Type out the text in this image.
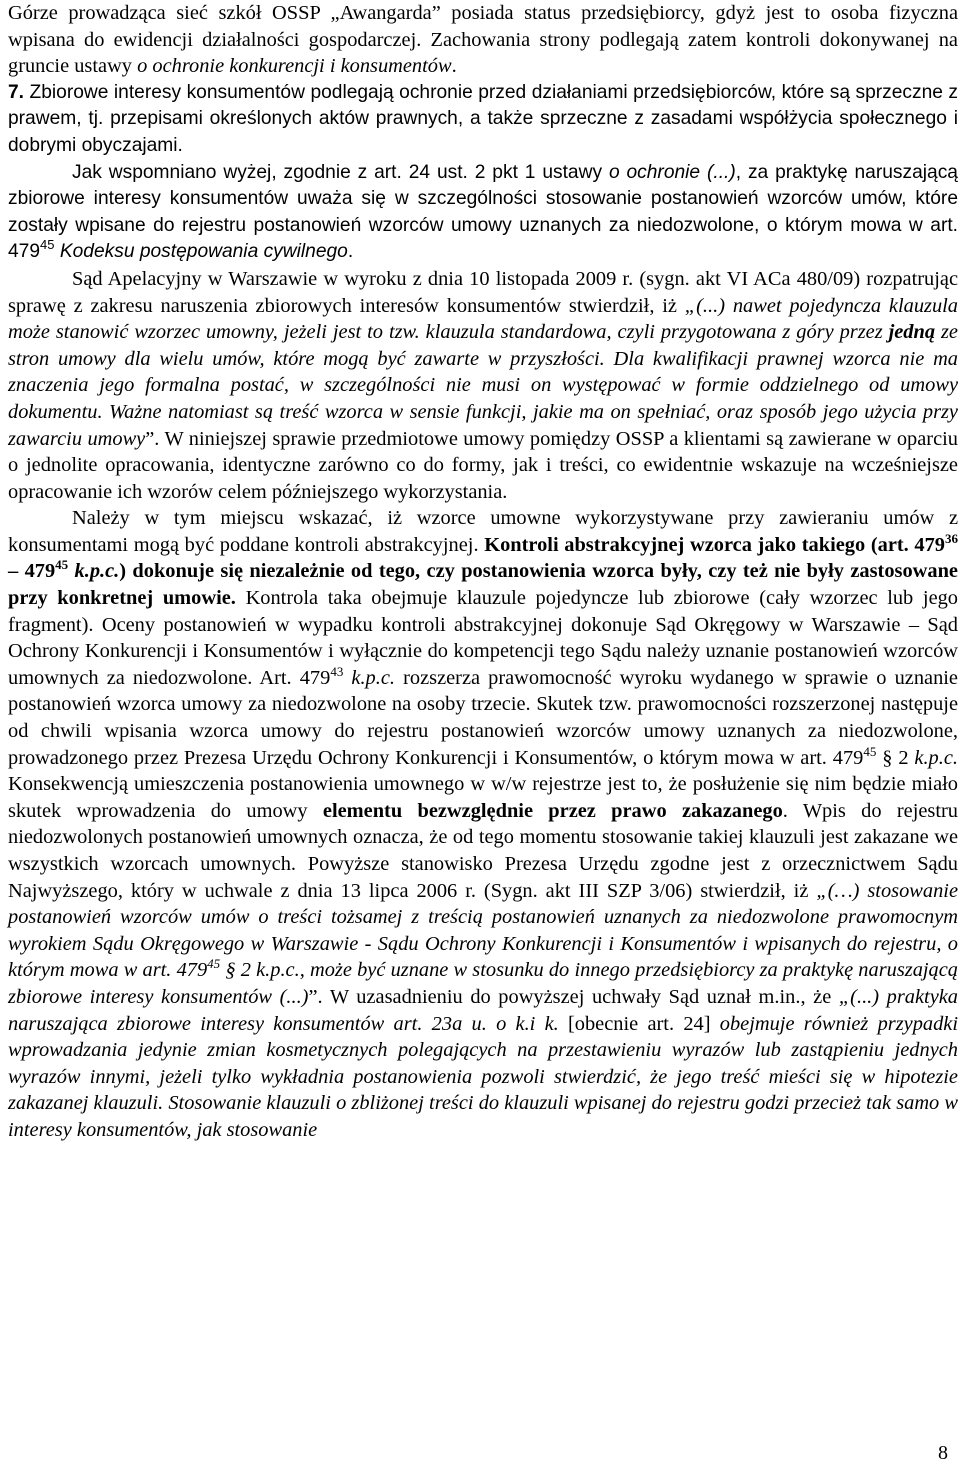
Górze prowadząca sieć szkół OSSP „Awangarda” posiada status przedsiębiorcy, gdyż jest to osoba fizyczna wpisana do ewidencji działalności gospodarczej. Zachowania strony podlegają zatem kontroli dokonywanej na gruncie ustawy o ochronie konkurencji i konsumentów.

7. Zbiorowe interesy konsumentów podlegają ochronie przed działaniami przedsiębiorców, które są sprzeczne z prawem, tj. przepisami określonych aktów prawnych, a także sprzeczne z zasadami współżycia społecznego i dobrymi obyczajami.

Jak wspomniano wyżej, zgodnie z art. 24 ust. 2 pkt 1 ustawy o ochronie (...), za praktykę naruszającą zbiorowe interesy konsumentów uważa się w szczególności stosowanie postanowień wzorców umów, które zostały wpisane do rejestru postanowień wzorców umowy uznanych za niedozwolone, o którym mowa w art. $479^{45}$ Kodeksu postępowania cywilnego.

Sąd Apelacyjny w Warszawie w wyroku z dnia 10 listopada 2009 r. (sygn. akt VI ACa 480/09) rozpatrując sprawę z zakresu naruszenia zbiorowych interesów konsumentów stwierdził, iż „(...) nawet pojedyncza klauzula może stanowić wzorzec umowny, jeżeli jest to tzw. klauzula standardowa, czyli przygotowana z góry przez jedną ze stron umowy dla wielu umów, które mogą być zawarte w przyszłości. Dla kwalifikacji prawnej wzorca nie ma znaczenia jego formalna postać, w szczególności nie musi on występować w formie oddzielnego od umowy dokumentu. Ważne natomiast są treść wzorca w sensie funkcji, jakie ma on spełniać, oraz sposób jego użycia przy zawarciu umowy”. W niniejszej sprawie przedmiotowe umowy pomiędzy OSSP a klientami są zawierane w oparciu o jednolite opracowania, identyczne zarówno co do formy, jak i treści, co ewidentnie wskazuje na wcześniejsze opracowanie ich wzorów celem późniejszego wykorzystania.

Należy w tym miejscu wskazać, iż wzorce umowne wykorzystywane przy zawieraniu umów z konsumentami mogą być poddane kontroli abstrakcyjnej. Kontroli abstrakcyjnej wzorca jako takiego (art. $479^{36} - 479^{45}$ k.p.c.) dokonuje się niezależnie od tego, czy postanowienia wzorca były, czy też nie były zastosowane przy konkretnej umowie. Kontrola taka obejmuje klauzule pojedyncze lub zbiorowe (cały wzorzec lub jego fragment). Oceny postanowień w wypadku kontroli abstrakcyjnej dokonuje Sąd Okręgowy w Warszawie – Sąd Ochrony Konkurencji i Konsumentów i wyłącznie do kompetencji tego Sądu należy uznanie postanowień wzorców umownych za niedozwolone. Art. $479^{43}$ k.p.c. rozszerza prawomocność wyroku wydanego w sprawie o uznanie postanowień wzorca umowy za niedozwolone na osoby trzecie. Skutek tzw. prawomocności rozszerzonej następuje od chwili wpisania wzorca umowy do rejestru postanowień wzorców umowy uznanych za niedozwolone, prowadzonego przez Prezesa Urzędu Ochrony Konkurencji i Konsumentów, o którym mowa w art. $479^{45}$ § 2 k.p.c. Konsekwencją umieszczenia postanowienia umownego w w/w rejestrze jest to, że posłużenie się nim będzie miało skutek wprowadzenia do umowy elementu bezwzględnie przez prawo zakazanego. Wpis do rejestru niedozwolonych postanowień umownych oznacza, że od tego momentu stosowanie takiej klauzuli jest zakazane we wszystkich wzorcach umownych. Powyższe stanowisko Prezesa Urzędu zgodne jest z orzecznictwem Sądu Najwyższego, który w uchwale z dnia 13 lipca 2006 r. (Sygn. akt III SZP 3/06) stwierdził, iż „(…) stosowanie postanowień wzorców umów o treści tożsamej z treścią postanowień uznanych za niedozwolone prawomocnym wyrokiem Sądu Okręgowego w Warszawie - Sądu Ochrony Konkurencji i Konsumentów i wpisanych do rejestru, o którym mowa w art. $479^{45}$ § 2 k.p.c., może być uznane w stosunku do innego przedsiębiorcy za praktykę naruszającą zbiorowe interesy konsumentów (...)”. W uzasadnieniu do powyższej uchwały Sąd uznał m.in., że „(...) praktyka naruszająca zbiorowe interesy konsumentów art. 23a u. o k.i k. [obecnie art. 24] obejmuje również przypadki wprowadzania jedynie zmian kosmetycznych polegających na przestawieniu wyrazów lub zastąpieniu jednych wyrazów innymi, jeżeli tylko wykładnia postanowienia pozwoli stwierdzić, że jego treść mieści się w hipotezie zakazanej klauzuli. Stosowanie klauzuli o zbliżonej treści do klauzuli wpisanej do rejestru godzi przecież tak samo w interesy konsumentów, jak stosowanie

8
